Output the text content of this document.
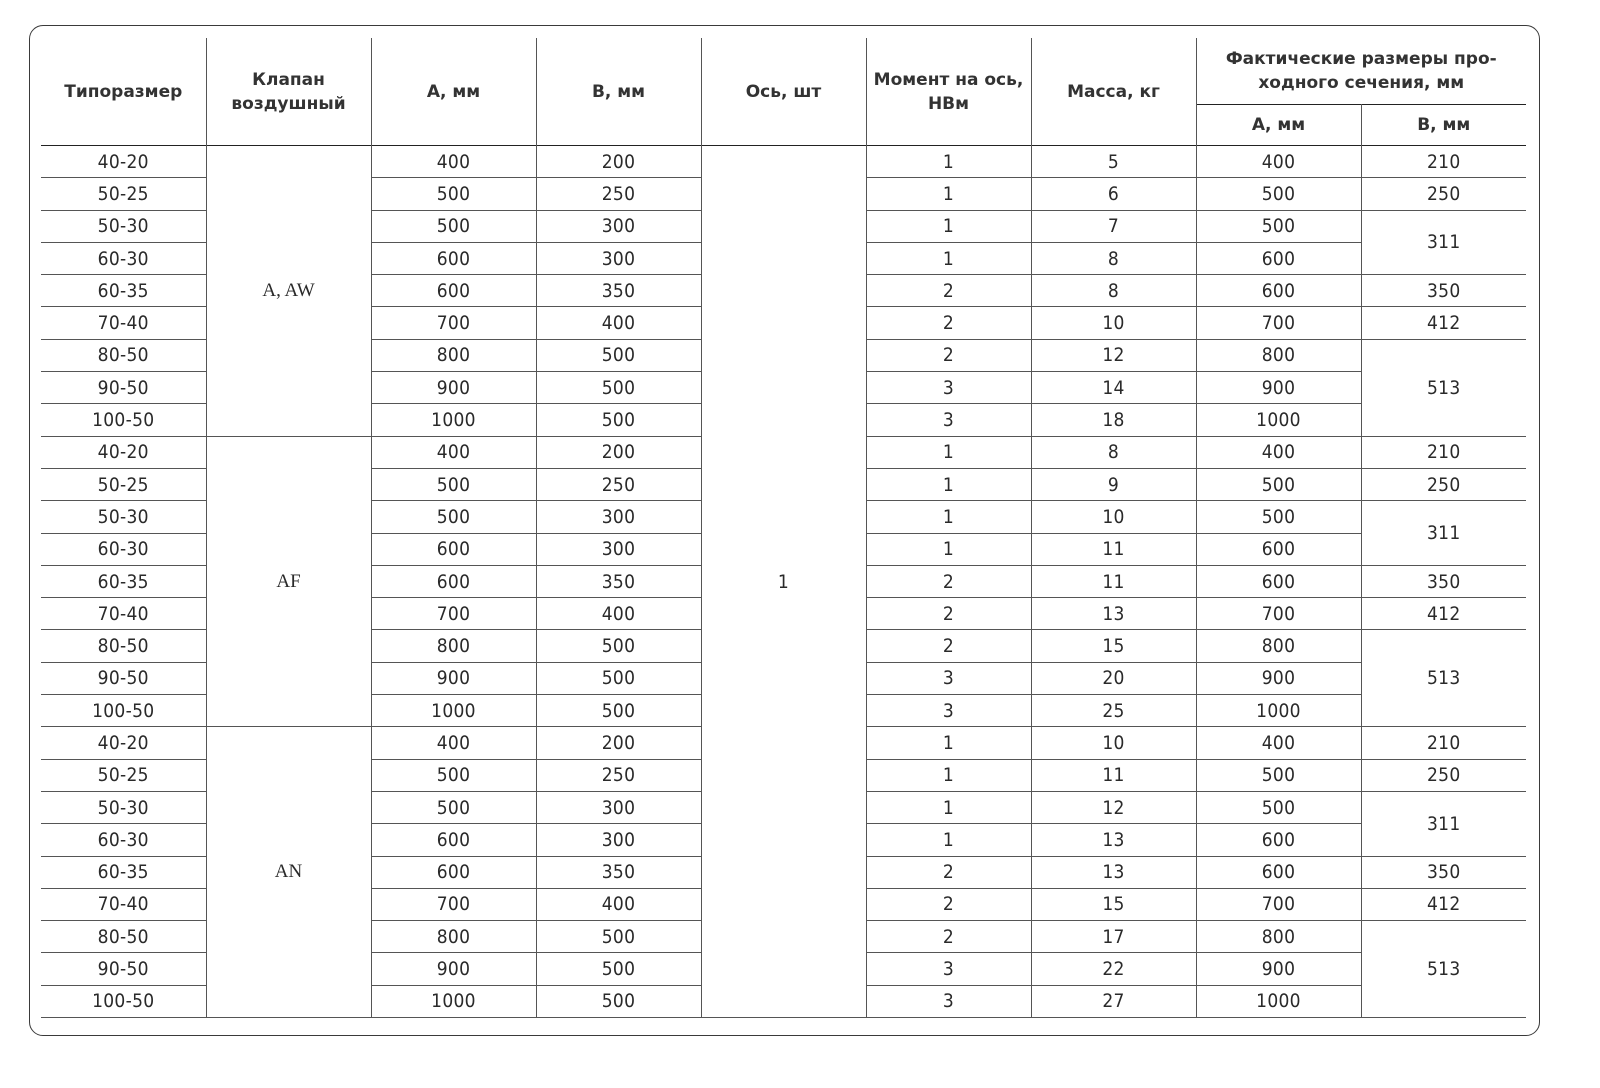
Типоразмер	Клапан воздушный	А, мм	В, мм	Ось, шт	Момент на ось, НВм	Масса, кг	Фактические размеры про- ходного сечения, мм	
							А, мм	В, мм
40-20	A, AW	400	200	1	1	5	400	210
50-25		500	250		1	6	500	250
50-30		500	300		1	7	500	311
60-30		600	300		1	8	600	
60-35		600	350		2	8	600	350
70-40		700	400		2	10	700	412
80-50		800	500		2	12	800	513
90-50		900	500		3	14	900	
100-50		1000	500		3	18	1000	
40-20	AF	400	200		1	8	400	210
50-25		500	250		1	9	500	250
50-30		500	300		1	10	500	311
60-30		600	300		1	11	600	
60-35		600	350		2	11	600	350
70-40		700	400		2	13	700	412
80-50		800	500		2	15	800	513
90-50		900	500		3	20	900	
100-50		1000	500		3	25	1000	
40-20	AN	400	200		1	10	400	210
50-25		500	250		1	11	500	250
50-30		500	300		1	12	500	311
60-30		600	300		1	13	600	
60-35		600	350		2	13	600	350
70-40		700	400		2	15	700	412
80-50		800	500		2	17	800	513
90-50		900	500		3	22	900	
100-50		1000	500		3	27	1000	
